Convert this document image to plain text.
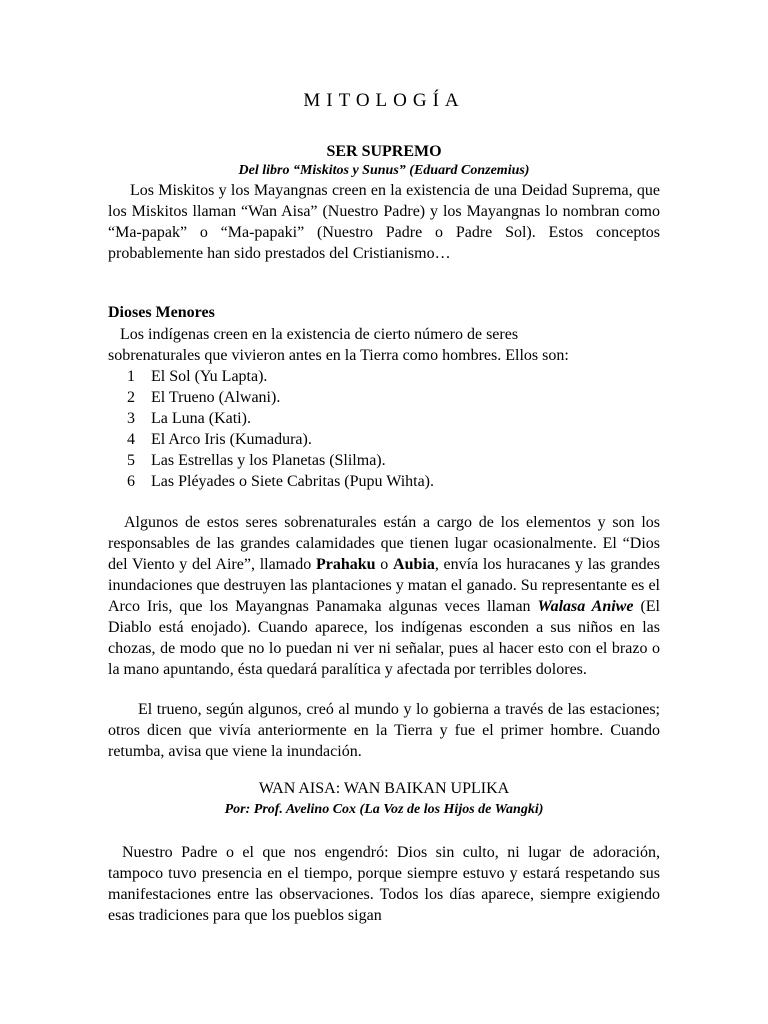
MITOLOGÍA
SER SUPREMO
Del libro “Miskitos y Sunus” (Eduard Conzemius)
Los Miskitos y los Mayangnas creen en la existencia de una Deidad Suprema, que los Miskitos llaman “Wan Aisa” (Nuestro Padre) y los Mayangnas lo nombran como “Ma-papak” o “Ma-papaki” (Nuestro Padre o Padre Sol). Estos conceptos probablemente han sido prestados del Cristianismo…
Dioses Menores
Los indígenas creen en la existencia de cierto número de seres
sobrenaturales que vivieron antes en la Tierra como hombres. Ellos son:
1 El Sol (Yu Lapta).
2 El Trueno (Alwani).
3 La Luna (Kati).
4 El Arco Iris (Kumadura).
5 Las Estrellas y los Planetas (Slilma).
6 Las Pléyades o Siete Cabritas (Pupu Wihta).
Algunos de estos seres sobrenaturales están a cargo de los elementos y son los responsables de las grandes calamidades que tienen lugar ocasionalmente. El “Dios del Viento y del Aire”, llamado Prahaku o Aubia, envía los huracanes y las grandes inundaciones que destruyen las plantaciones y matan el ganado. Su representante es el Arco Iris, que los Mayangnas Panamaka algunas veces llaman Walasa Aniwe (El Diablo está enojado). Cuando aparece, los indígenas esconden a sus niños en las chozas, de modo que no lo puedan ni ver ni señalar, pues al hacer esto con el brazo o la mano apuntando, ésta quedará paralítica y afectada por terribles dolores.
El trueno, según algunos, creó al mundo y lo gobierna a través de las estaciones; otros dicen que vivía anteriormente en la Tierra y fue el primer hombre. Cuando retumba, avisa que viene la inundación.
WAN AISA: WAN BAIKAN UPLIKA
Por: Prof. Avelino Cox (La Voz de los Hijos de Wangki)
Nuestro Padre o el que nos engendró: Dios sin culto, ni lugar de adoración, tampoco tuvo presencia en el tiempo, porque siempre estuvo y estará respetando sus manifestaciones entre las observaciones. Todos los días aparece, siempre exigiendo esas tradiciones para que los pueblos sigan
